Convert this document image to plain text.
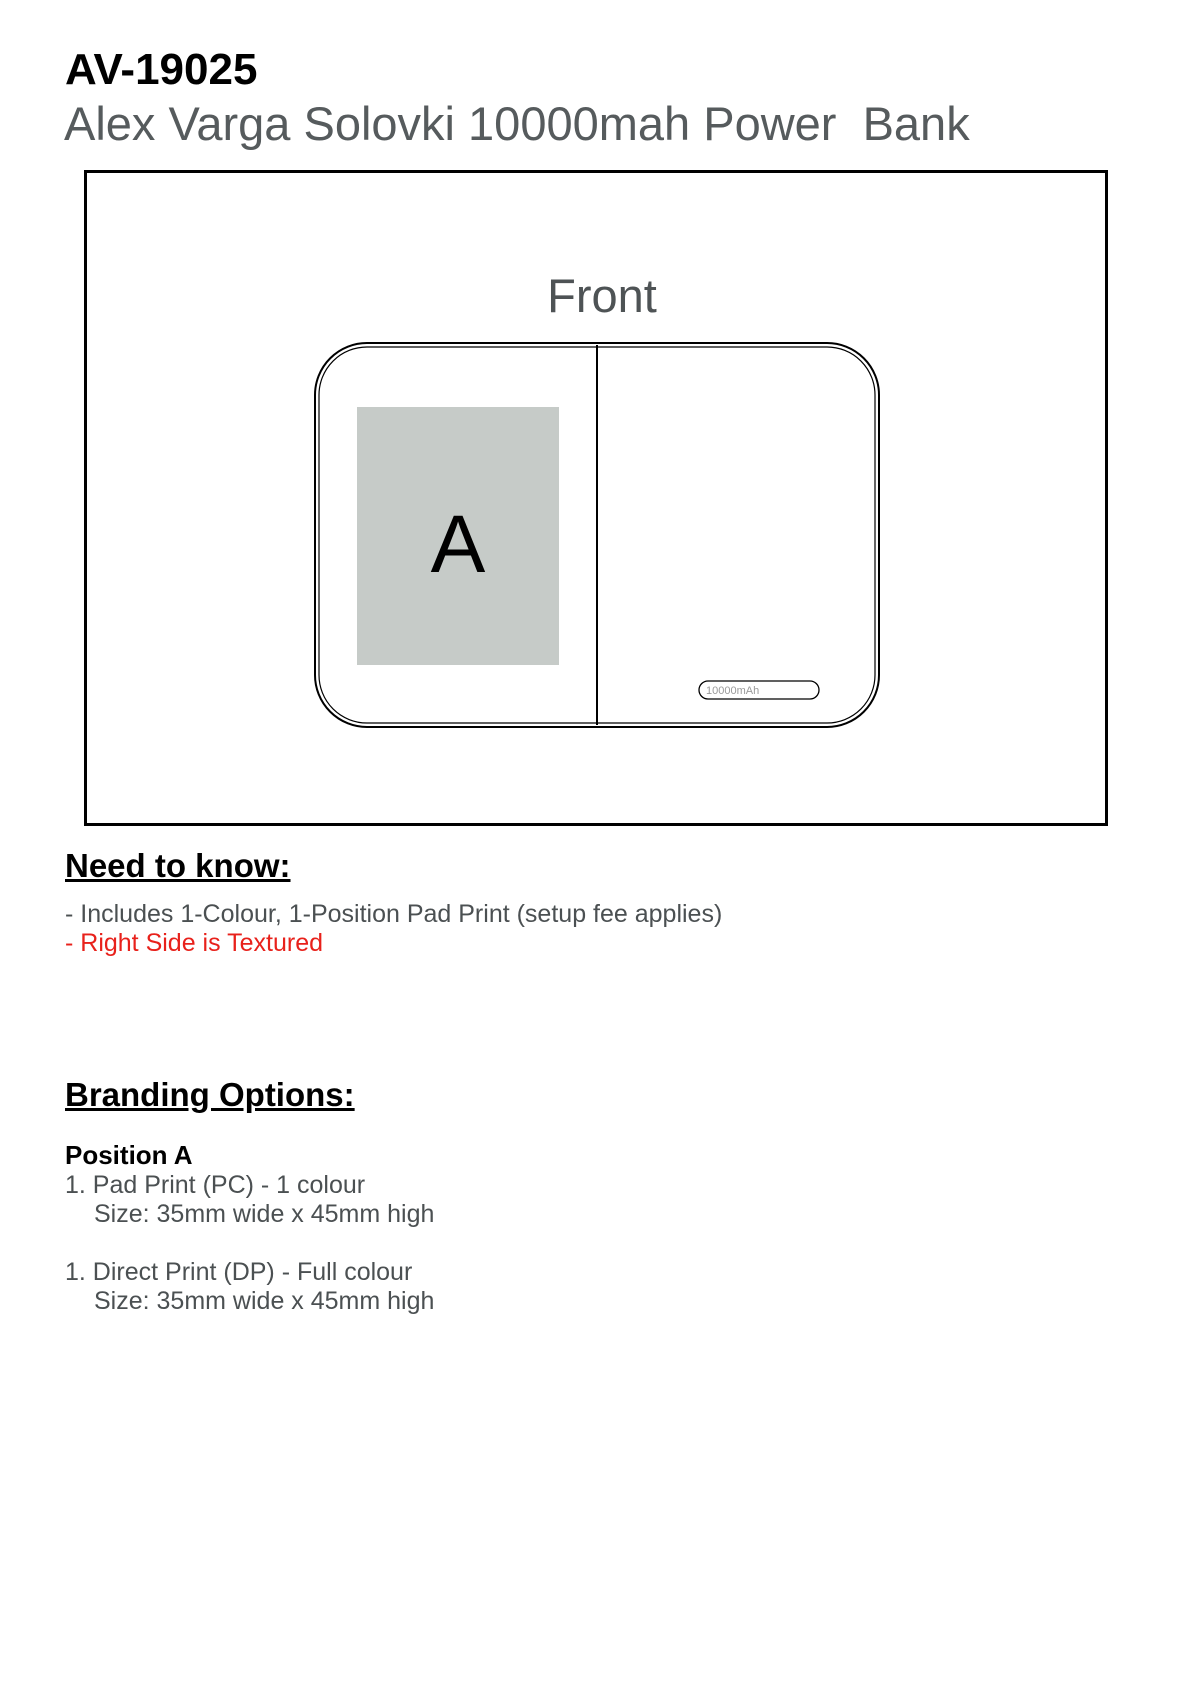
AV-19025
Alex Varga Solovki 10000mah Power  Bank
Front
A
10000mAh
Need to know:
- Includes 1-Colour, 1-Position Pad Print (setup fee applies)
- Right Side is Textured
Branding Options:
Position A
1. Pad Print (PC) - 1 colour
Size: 35mm wide x 45mm high
1. Direct Print (DP) - Full colour
Size: 35mm wide x 45mm high
